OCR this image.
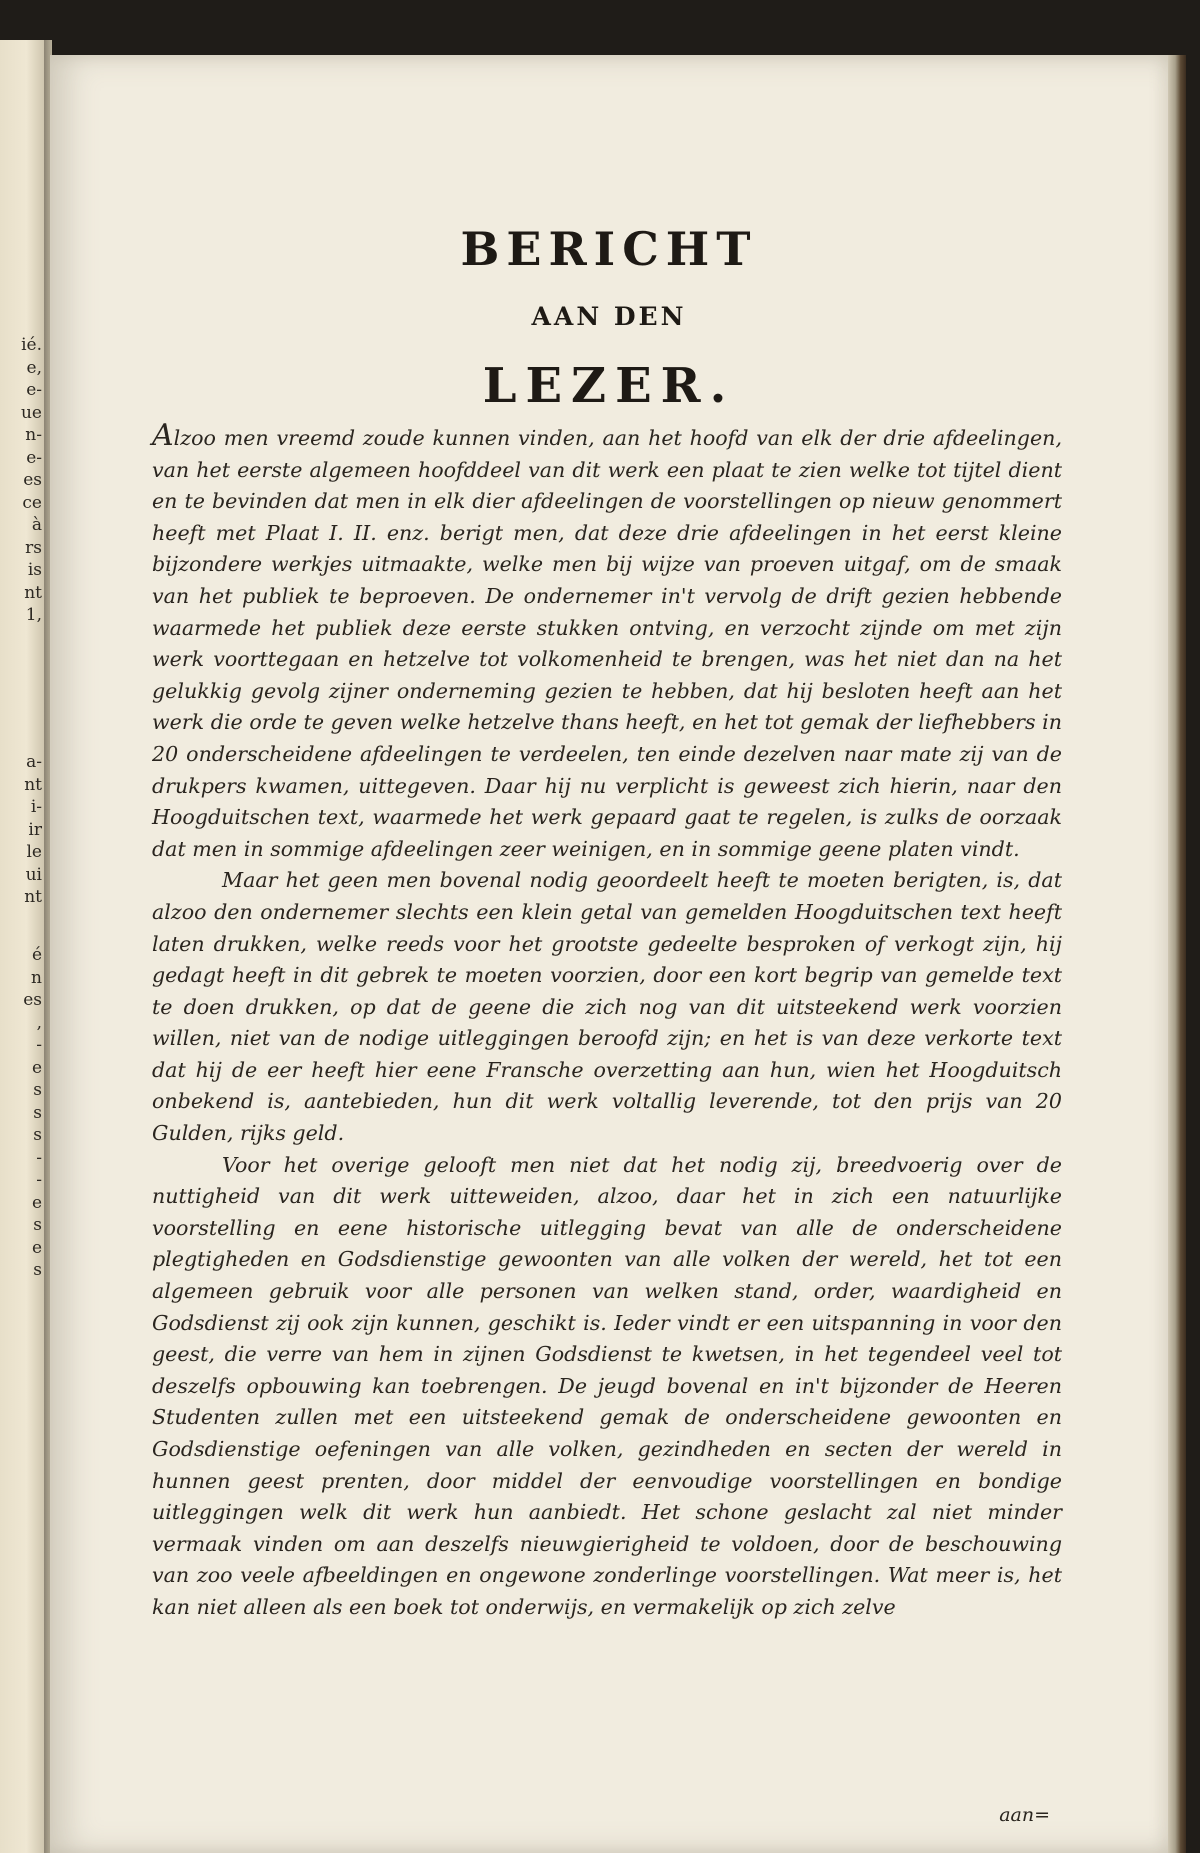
ié.
e,
e-
ue
n-
e-
es
ce
à
rs
is
nt
1,
a-
nt
i-
ir
le
ui
nt
é
n
es
,
-
e
s
s
s
-
-
e
s
e
s
BERICHT
AAN DEN
LEZER.

Alzoo men vreemd zoude kunnen vinden, aan het hoofd van elk der drie afdeelingen, van het eerste algemeen hoofddeel van dit werk een plaat te zien welke tot tijtel dient en te bevinden dat men in elk dier afdeelingen de voorstellingen op nieuw genommert heeft met Plaat I. II. enz. berigt men, dat deze drie afdeelingen in het eerst kleine bijzondere werkjes uitmaakte, welke men bij wijze van proeven uitgaf, om de smaak van het publiek te beproeven. De ondernemer in't vervolg de drift gezien hebbende waarmede het publiek deze eerste stukken ontving, en verzocht zijnde om met zijn werk voorttegaan en hetzelve tot volkomenheid te brengen, was het niet dan na het gelukkig gevolg zijner onderneming gezien te hebben, dat hij besloten heeft aan het werk die orde te geven welke hetzelve thans heeft, en het tot gemak der liefhebbers in 20 onderscheidene afdeelingen te verdeelen, ten einde dezelven naar mate zij van de drukpers kwamen, uittegeven. Daar hij nu verplicht is geweest zich hierin, naar den Hoogduitschen text, waarmede het werk gepaard gaat te regelen, is zulks de oorzaak dat men in sommige afdeelingen zeer weinigen, en in sommige geene platen vindt.

Maar het geen men bovenal nodig geoordeelt heeft te moeten berigten, is, dat alzoo den ondernemer slechts een klein getal van gemelden Hoogduitschen text heeft laten drukken, welke reeds voor het grootste gedeelte besproken of verkogt zijn, hij gedagt heeft in dit gebrek te moeten voorzien, door een kort begrip van gemelde text te doen drukken, op dat de geene die zich nog van dit uitsteekend werk voorzien willen, niet van de nodige uitleggingen beroofd zijn; en het is van deze verkorte text dat hij de eer heeft hier eene Fransche overzetting aan hun, wien het Hoogduitsch onbekend is, aantebieden, hun dit werk voltallig leverende, tot den prijs van 20 Gulden, rijks geld.

Voor het overige gelooft men niet dat het nodig zij, breedvoerig over de nuttigheid van dit werk uitteweiden, alzoo, daar het in zich een natuurlijke voorstelling en eene historische uitlegging bevat van alle de onderscheidene plegtigheden en Godsdienstige gewoonten van alle volken der wereld, het tot een algemeen gebruik voor alle personen van welken stand, order, waardigheid en Godsdienst zij ook zijn kunnen, geschikt is. Ieder vindt er een uitspanning in voor den geest, die verre van hem in zijnen Godsdienst te kwetsen, in het tegendeel veel tot deszelfs opbouwing kan toebrengen. De jeugd bovenal en in't bijzonder de Heeren Studenten zullen met een uitsteekend gemak de onderscheidene gewoonten en Godsdienstige oefeningen van alle volken, gezindheden en secten der wereld in hunnen geest prenten, door middel der eenvoudige voorstellingen en bondige uitleggingen welk dit werk hun aanbiedt. Het schone geslacht zal niet minder vermaak vinden om aan deszelfs nieuwgierigheid te voldoen, door de beschouwing van zoo veele afbeeldingen en ongewone zonderlinge voorstellingen. Wat meer is, het kan niet alleen als een boek tot onderwijs, en vermakelijk op zich zelve

aan=
